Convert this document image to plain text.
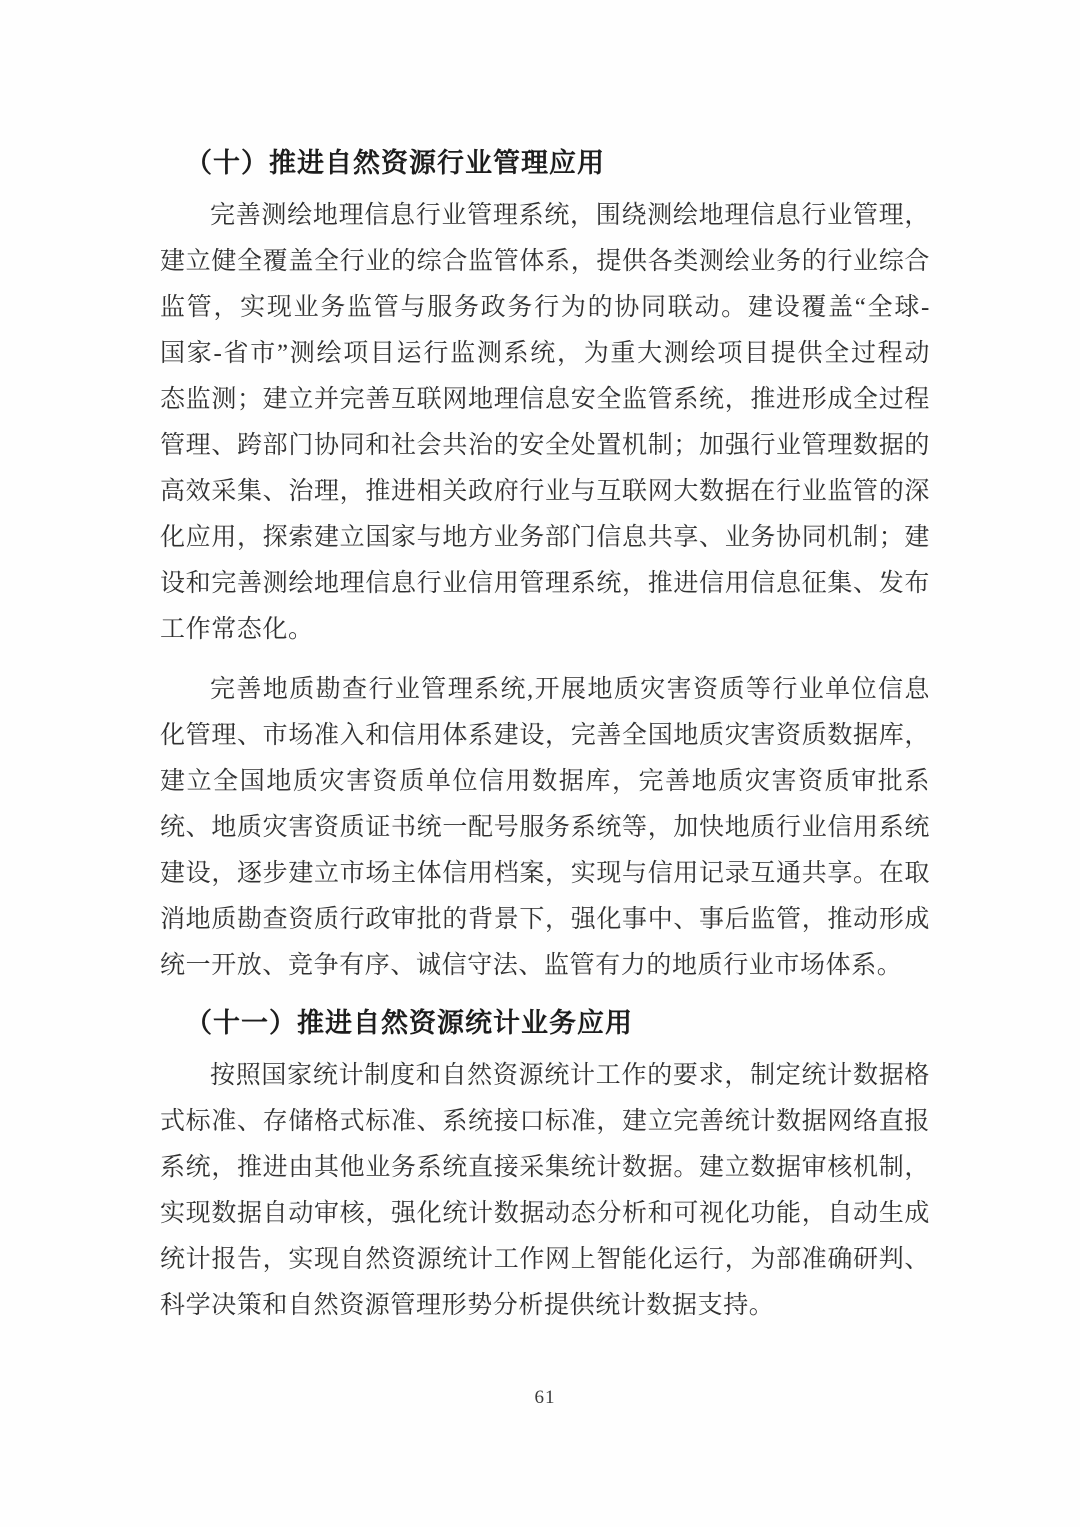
（十）推进自然资源行业管理应用
完善测绘地理信息行业管理系统，围绕测绘地理信息行业管理，
建立健全覆盖全行业的综合监管体系，提供各类测绘业务的行业综合
监管，实现业务监管与服务政务行为的协同联动。建设覆盖“全球-
国家-省市”测绘项目运行监测系统，为重大测绘项目提供全过程动
态监测；建立并完善互联网地理信息安全监管系统，推进形成全过程
管理、跨部门协同和社会共治的安全处置机制；加强行业管理数据的
高效采集、治理，推进相关政府行业与互联网大数据在行业监管的深
化应用，探索建立国家与地方业务部门信息共享、业务协同机制；建
设和完善测绘地理信息行业信用管理系统，推进信用信息征集、发布
工作常态化。
完善地质勘查行业管理系统,开展地质灾害资质等行业单位信息
化管理、市场准入和信用体系建设，完善全国地质灾害资质数据库，
建立全国地质灾害资质单位信用数据库，完善地质灾害资质审批系
统、地质灾害资质证书统一配号服务系统等，加快地质行业信用系统
建设，逐步建立市场主体信用档案，实现与信用记录互通共享。在取
消地质勘查资质行政审批的背景下，强化事中、事后监管，推动形成
统一开放、竞争有序、诚信守法、监管有力的地质行业市场体系。
（十一）推进自然资源统计业务应用
按照国家统计制度和自然资源统计工作的要求，制定统计数据格
式标准、存储格式标准、系统接口标准，建立完善统计数据网络直报
系统，推进由其他业务系统直接采集统计数据。建立数据审核机制，
实现数据自动审核，强化统计数据动态分析和可视化功能，自动生成
统计报告，实现自然资源统计工作网上智能化运行，为部准确研判、
科学决策和自然资源管理形势分析提供统计数据支持。
61
